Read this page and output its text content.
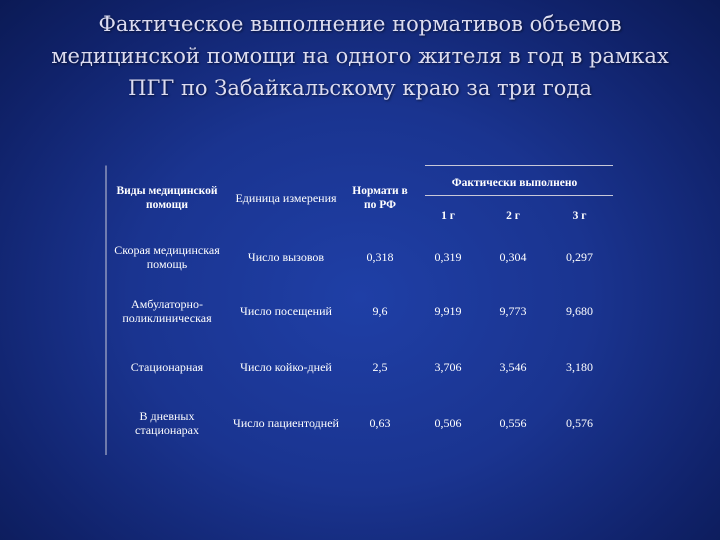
Фактическое выполнение нормативов объемов медицинской помощи на одного жителя в год в рамках ПГГ по Забайкальскому краю за три года
Виды медицинской помощи	Единица измерения	Нормати в по РФ	Фактически выполнено		
			1 г	2 г	3 г
Скорая медицинская помощь	Число вызовов	0,318	0,319	0,304	0,297
Амбулаторно-поликлиническая	Число посещений	9,6	9,919	9,773	9,680
Стационарная	Число койко-дней	2,5	3,706	3,546	3,180
В дневных стационарах	Число пациентодней	0,63	0,506	0,556	0,576
